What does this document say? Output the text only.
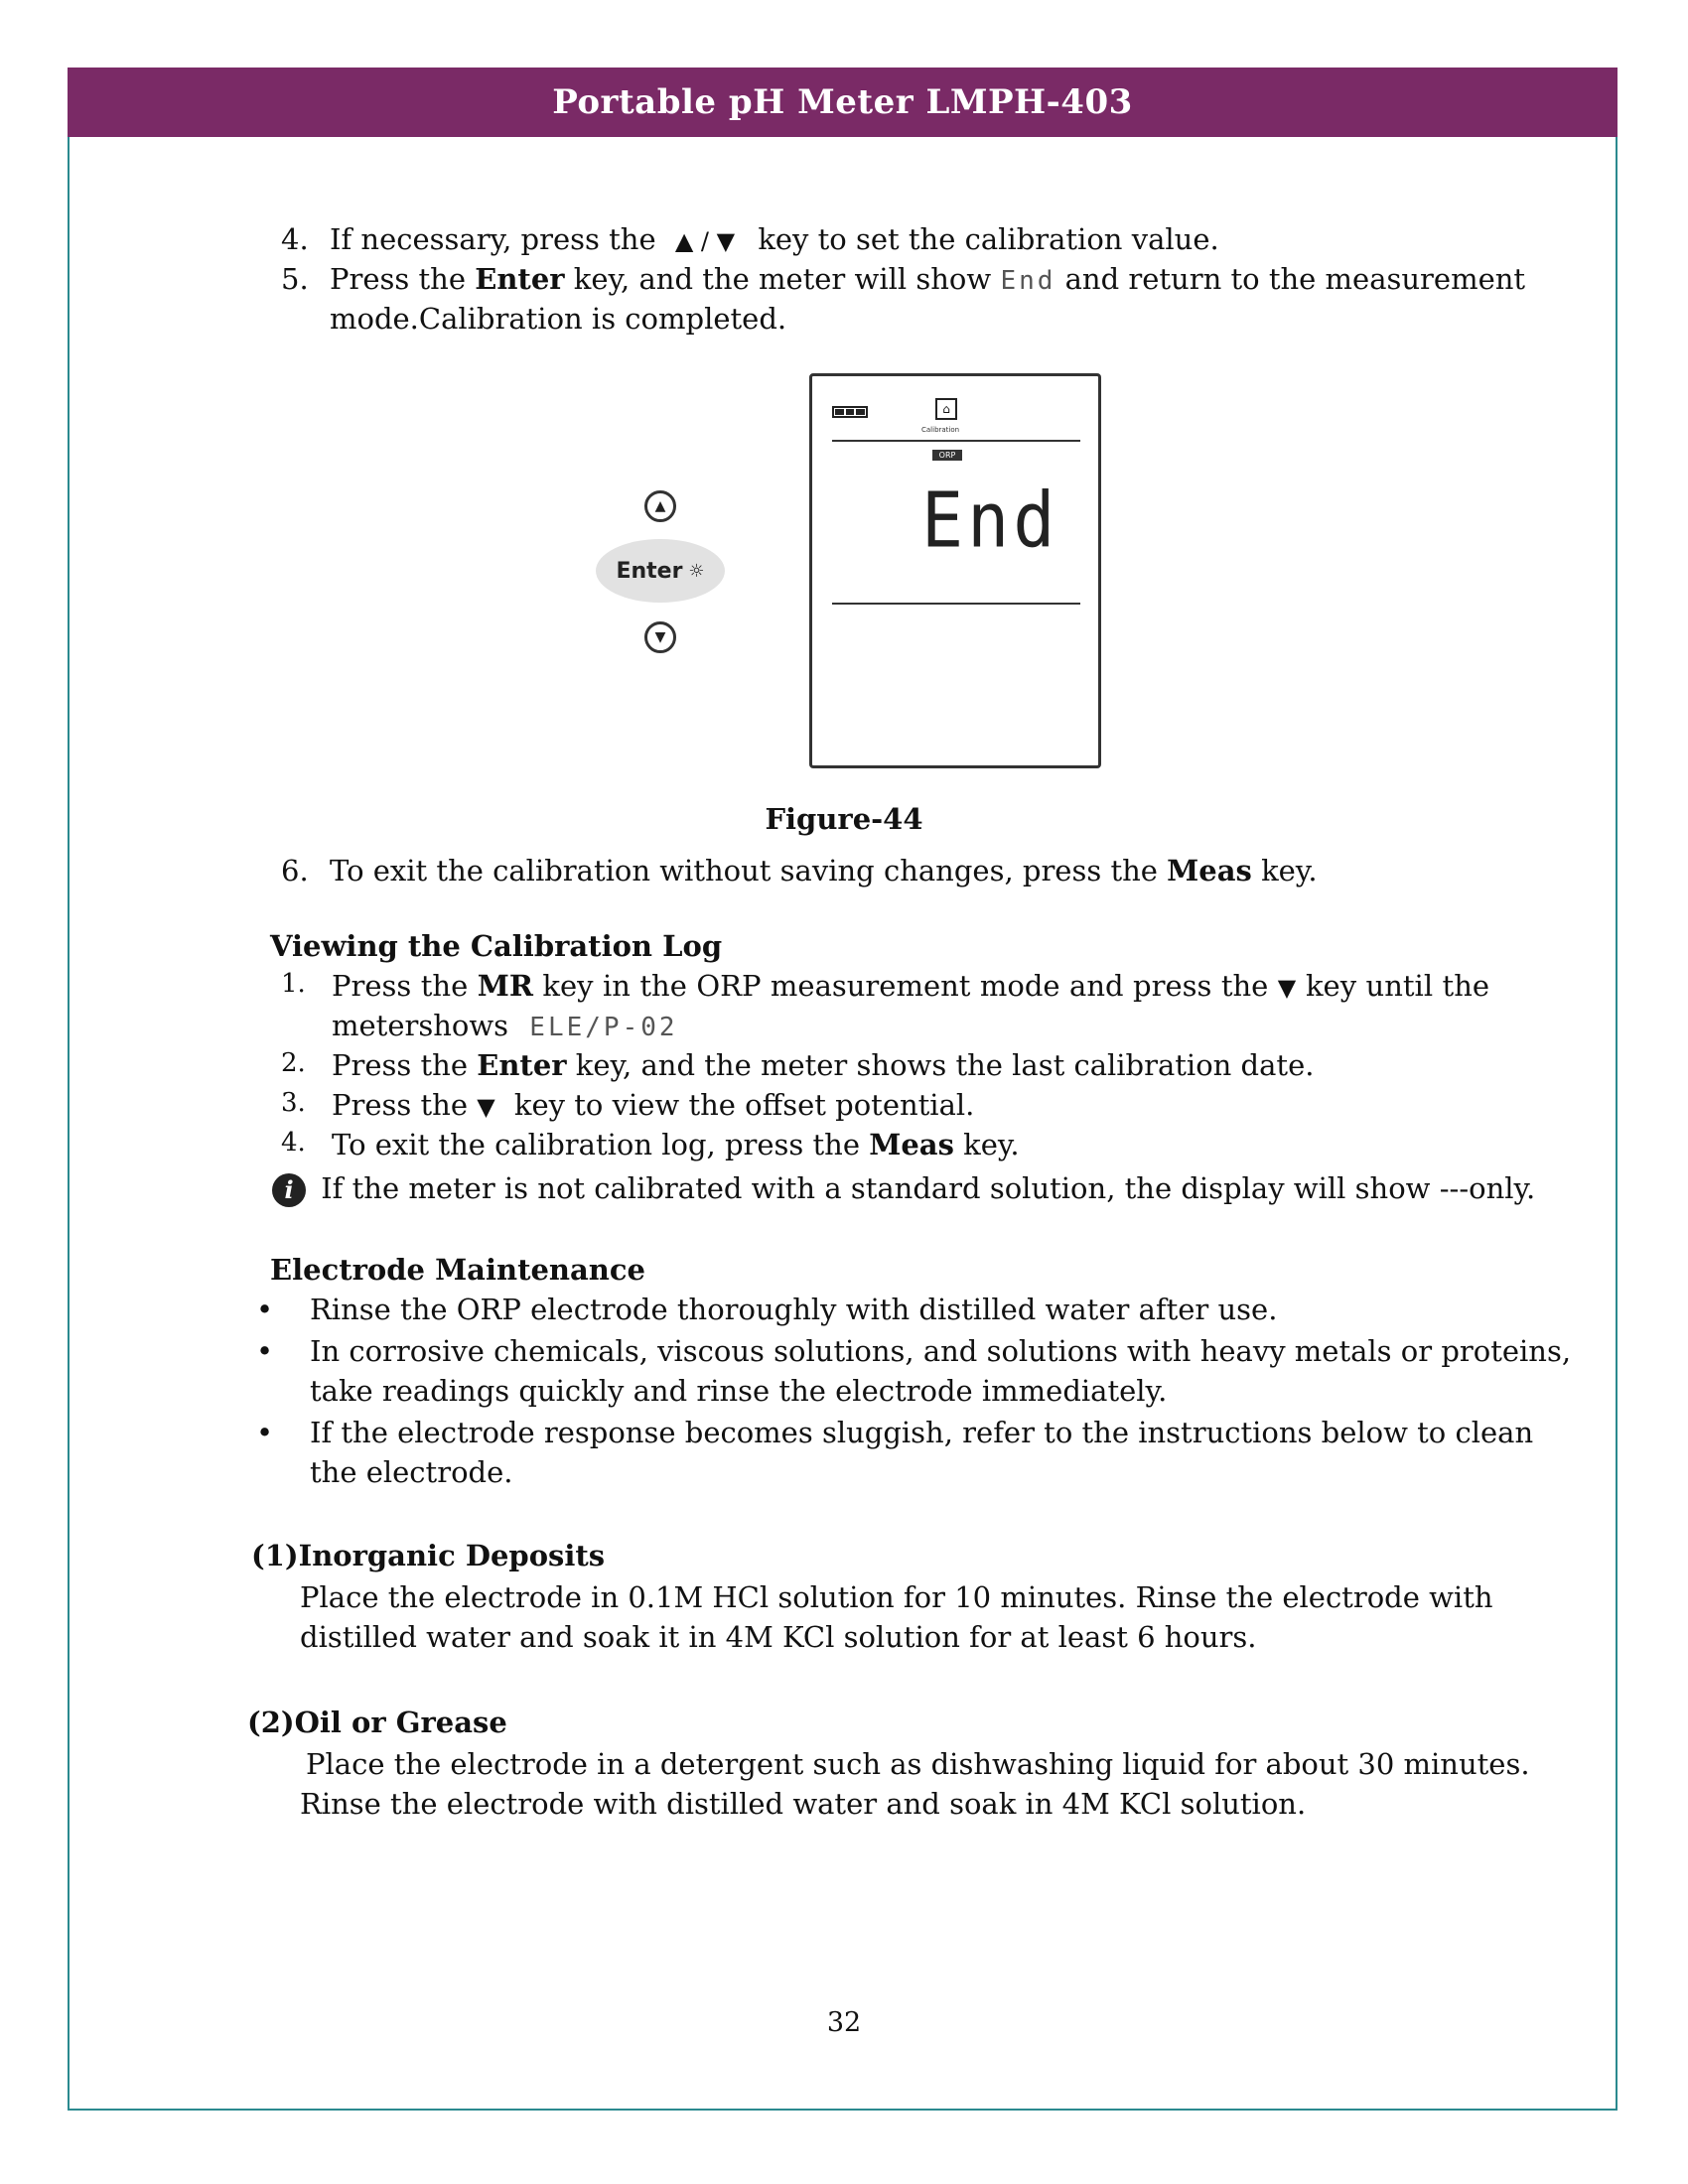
Portable pH Meter LMPH-403
4. If necessary, press the ▲ / ▼ key to set the calibration value.
5. Press the Enter key, and the meter will show End and return to the measurement
mode.Calibration is completed.
▲
Enter ☼
▼
⌂
Calibration
ORP
End
Figure-44
6. To exit the calibration without saving changes, press the Meas key.
Viewing the Calibration Log
1. Press the MR key in the ORP measurement mode and press the ▼ key until the
metershows ELE/P-02
2. Press the Enter key, and the meter shows the last calibration date.
3. Press the ▼ key to view the offset potential.
4. To exit the calibration log, press the Meas key.
i If the meter is not calibrated with a standard solution, the display will show ---only.
Electrode Maintenance
• Rinse the ORP electrode thoroughly with distilled water after use.
• In corrosive chemicals, viscous solutions, and solutions with heavy metals or proteins,
take readings quickly and rinse the electrode immediately.
• If the electrode response becomes sluggish, refer to the instructions below to clean
the electrode.
(1)Inorganic Deposits
Place the electrode in 0.1M HCl solution for 10 minutes. Rinse the electrode with
distilled water and soak it in 4M KCl solution for at least 6 hours.
(2)Oil or Grease
Place the electrode in a detergent such as dishwashing liquid for about 30 minutes.
Rinse the electrode with distilled water and soak in 4M KCl solution.
32
